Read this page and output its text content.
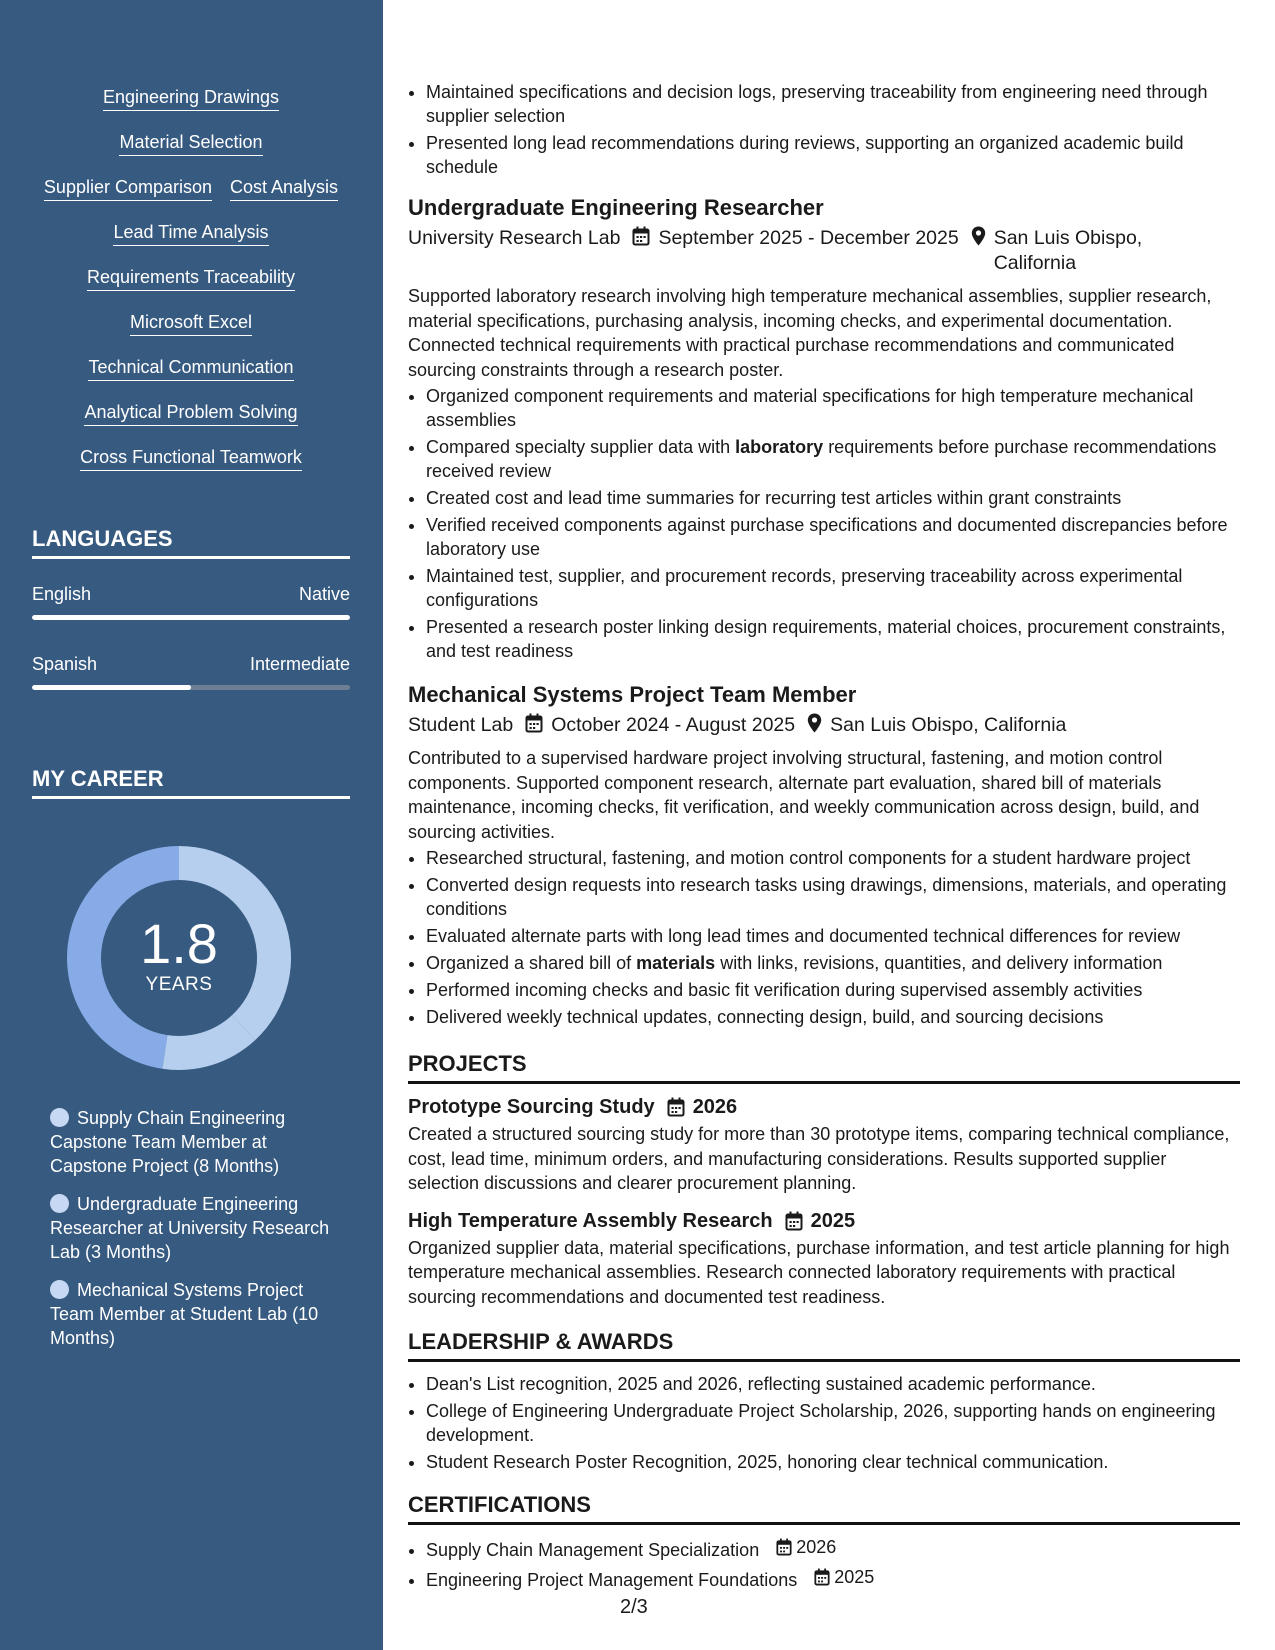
Engineering Drawings
Material Selection
Supplier Comparison Cost Analysis
Lead Time Analysis
Requirements Traceability
Microsoft Excel
Technical Communication
Analytical Problem Solving
Cross Functional Teamwork
LANGUAGES
English	Native
Spanish	Intermediate
MY CAREER
1.8
YEARS
Supply Chain Engineering Capstone Team Member at Capstone Project (8 Months)
Undergraduate Engineering Researcher at University Research Lab (3 Months)
Mechanical Systems Project Team Member at Student Lab (10 Months)
• Maintained specifications and decision logs, preserving traceability from engineering need through supplier selection
• Presented long lead recommendations during reviews, supporting an organized academic build schedule
Undergraduate Engineering Researcher
University Research Lab September 2025 - December 2025 San Luis Obispo, California
Supported laboratory research involving high temperature mechanical assemblies, supplier research, material specifications, purchasing analysis, incoming checks, and experimental documentation. Connected technical requirements with practical purchase recommendations and communicated sourcing constraints through a research poster.
• Organized component requirements and material specifications for high temperature mechanical assemblies
• Compared specialty supplier data with laboratory requirements before purchase recommendations received review
• Created cost and lead time summaries for recurring test articles within grant constraints
• Verified received components against purchase specifications and documented discrepancies before laboratory use
• Maintained test, supplier, and procurement records, preserving traceability across experimental configurations
• Presented a research poster linking design requirements, material choices, procurement constraints, and test readiness
Mechanical Systems Project Team Member
Student Lab October 2024 - August 2025 San Luis Obispo, California
Contributed to a supervised hardware project involving structural, fastening, and motion control components. Supported component research, alternate part evaluation, shared bill of materials maintenance, incoming checks, fit verification, and weekly communication across design, build, and sourcing activities.
• Researched structural, fastening, and motion control components for a student hardware project
• Converted design requests into research tasks using drawings, dimensions, materials, and operating conditions
• Evaluated alternate parts with long lead times and documented technical differences for review
• Organized a shared bill of materials with links, revisions, quantities, and delivery information
• Performed incoming checks and basic fit verification during supervised assembly activities
• Delivered weekly technical updates, connecting design, build, and sourcing decisions
PROJECTS
Prototype Sourcing Study 2026
Created a structured sourcing study for more than 30 prototype items, comparing technical compliance, cost, lead time, minimum orders, and manufacturing considerations. Results supported supplier selection discussions and clearer procurement planning.
High Temperature Assembly Research 2025
Organized supplier data, material specifications, purchase information, and test article planning for high temperature mechanical assemblies. Research connected laboratory requirements with practical sourcing recommendations and documented test readiness.
LEADERSHIP & AWARDS
• Dean's List recognition, 2025 and 2026, reflecting sustained academic performance.
• College of Engineering Undergraduate Project Scholarship, 2026, supporting hands on engineering development.
• Student Research Poster Recognition, 2025, honoring clear technical communication.
CERTIFICATIONS
• Supply Chain Management Specialization 2026
• Engineering Project Management Foundations 2025
2/3
